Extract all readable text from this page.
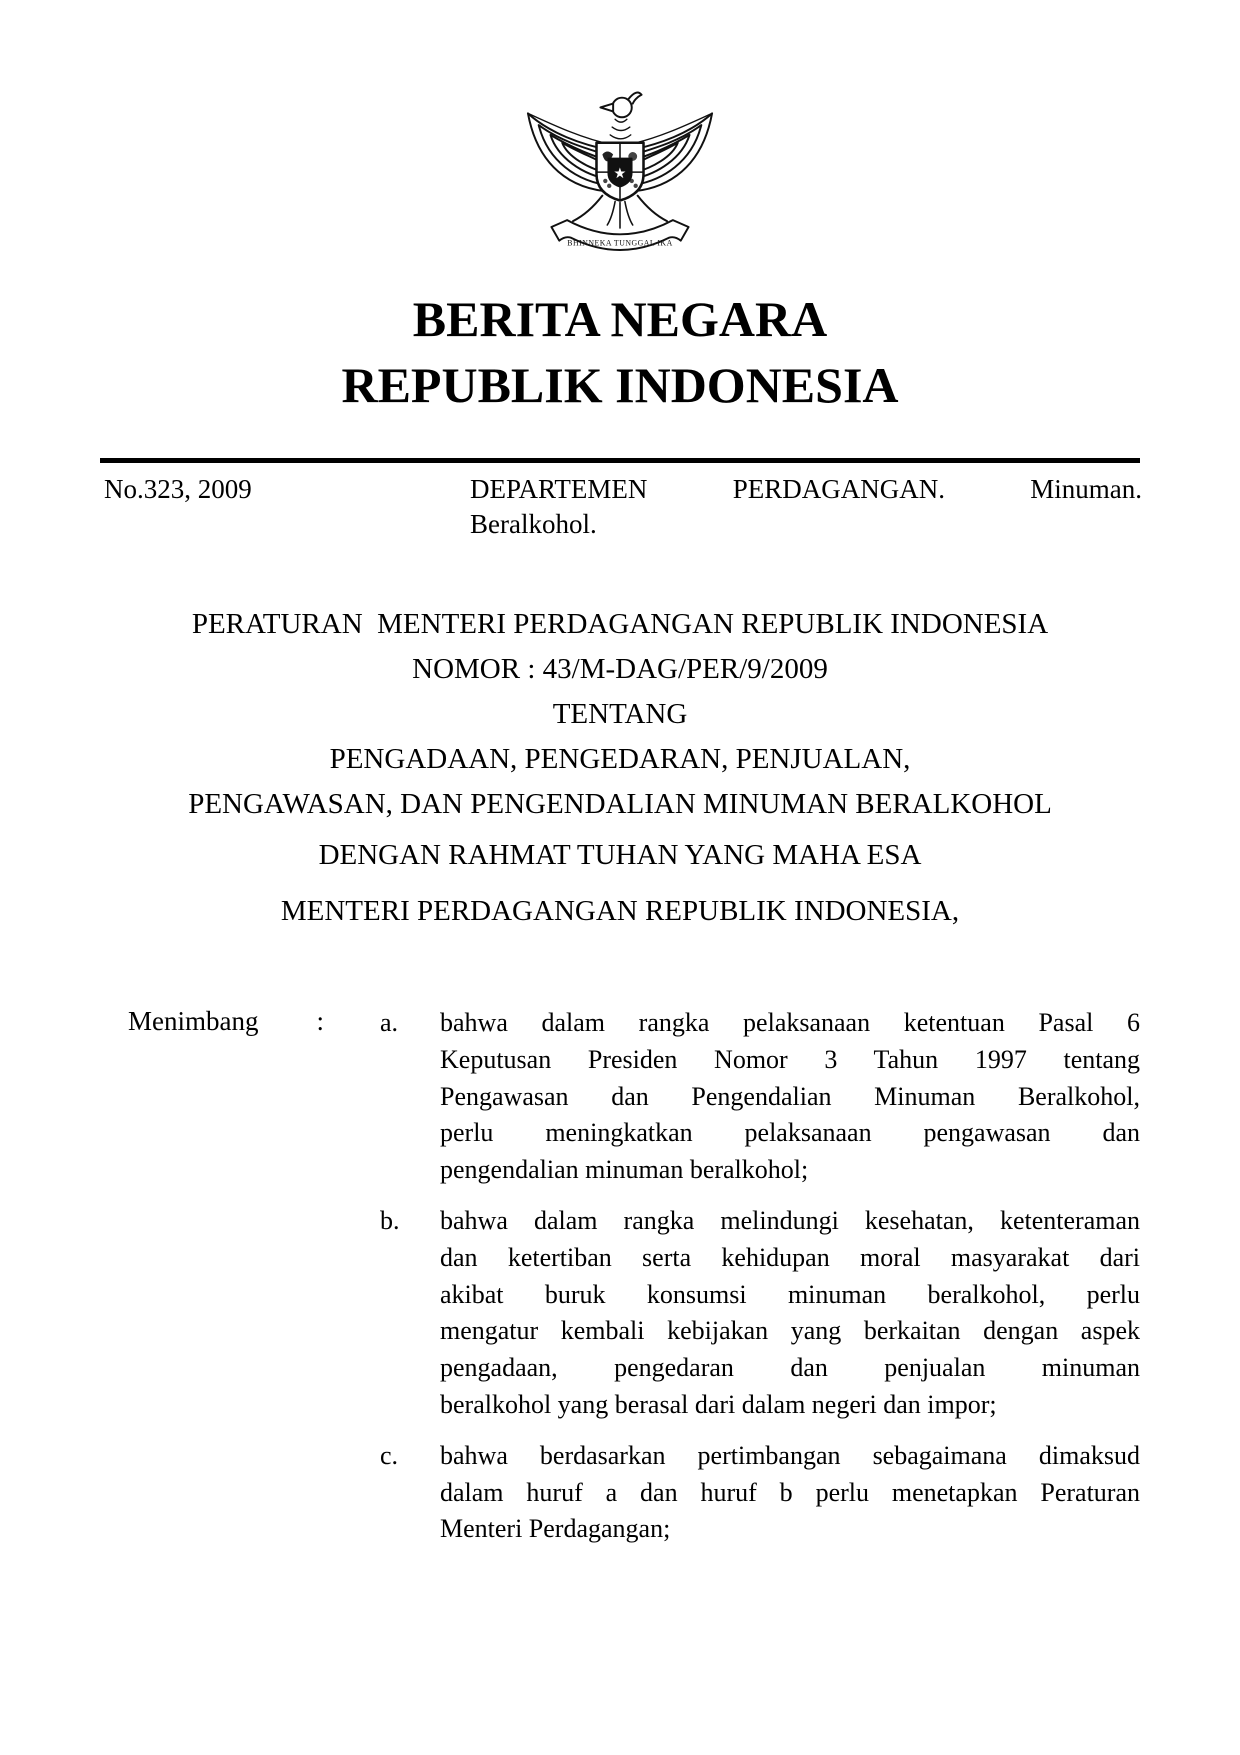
★
BHINNEKA TUNGGAL IKA
BERITA NEGARA
REPUBLIK INDONESIA
No.323, 2009	DEPARTEMEN PERDAGANGAN. Minuman.
Beralkohol.
PERATURAN  MENTERI PERDAGANGAN REPUBLIK INDONESIA
NOMOR : 43/M-DAG/PER/9/2009
TENTANG
PENGADAAN, PENGEDARAN, PENJUALAN,
PENGAWASAN, DAN PENGENDALIAN MINUMAN BERALKOHOL
DENGAN RAHMAT TUHAN YANG MAHA ESA
MENTERI PERDAGANGAN REPUBLIK INDONESIA,
Menimbang : a.	bahwa dalam rangka pelaksanaan ketentuan Pasal 6
Keputusan Presiden Nomor 3 Tahun 1997 tentang
Pengawasan dan Pengendalian Minuman Beralkohol,
perlu meningkatkan pelaksanaan pengawasan dan
pengendalian minuman beralkohol;
b.	bahwa dalam rangka melindungi kesehatan, ketenteraman
dan ketertiban serta kehidupan moral masyarakat dari
akibat buruk konsumsi minuman beralkohol, perlu
mengatur kembali kebijakan yang berkaitan dengan aspek
pengadaan, pengedaran dan penjualan minuman
beralkohol yang berasal dari dalam negeri dan impor;
c.	bahwa berdasarkan pertimbangan sebagaimana dimaksud
dalam huruf a dan huruf b perlu menetapkan Peraturan
Menteri Perdagangan;
